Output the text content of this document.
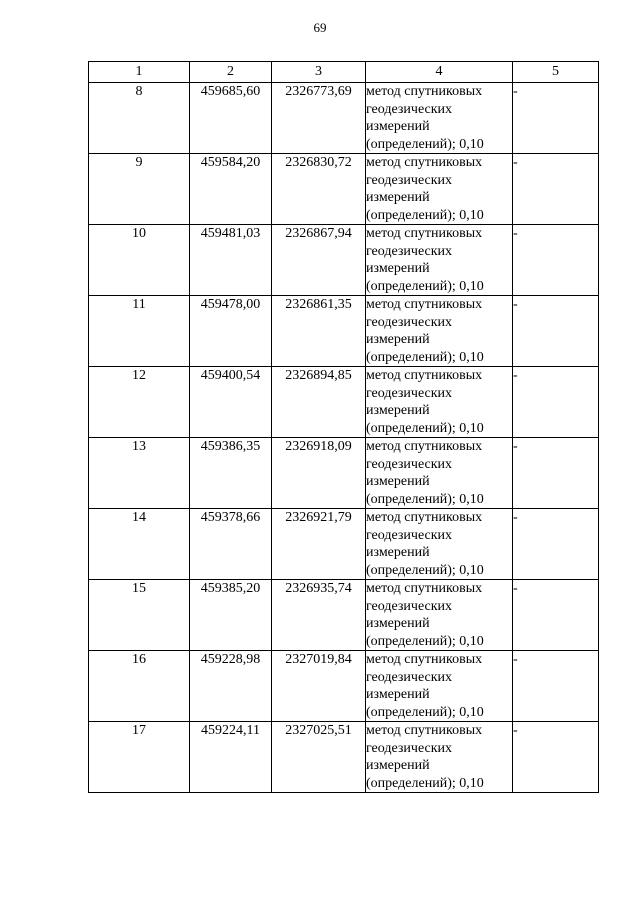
69
1	2	3	4	5
8	459685,60	2326773,69	метод спутниковых
геодезических
измерений
(определений); 0,10	-
9	459584,20	2326830,72	метод спутниковых
геодезических
измерений
(определений); 0,10	-
10	459481,03	2326867,94	метод спутниковых
геодезических
измерений
(определений); 0,10	-
11	459478,00	2326861,35	метод спутниковых
геодезических
измерений
(определений); 0,10	-
12	459400,54	2326894,85	метод спутниковых
геодезических
измерений
(определений); 0,10	-
13	459386,35	2326918,09	метод спутниковых
геодезических
измерений
(определений); 0,10	-
14	459378,66	2326921,79	метод спутниковых
геодезических
измерений
(определений); 0,10	-
15	459385,20	2326935,74	метод спутниковых
геодезических
измерений
(определений); 0,10	-
16	459228,98	2327019,84	метод спутниковых
геодезических
измерений
(определений); 0,10	-
17	459224,11	2327025,51	метод спутниковых
геодезических
измерений
(определений); 0,10	-
